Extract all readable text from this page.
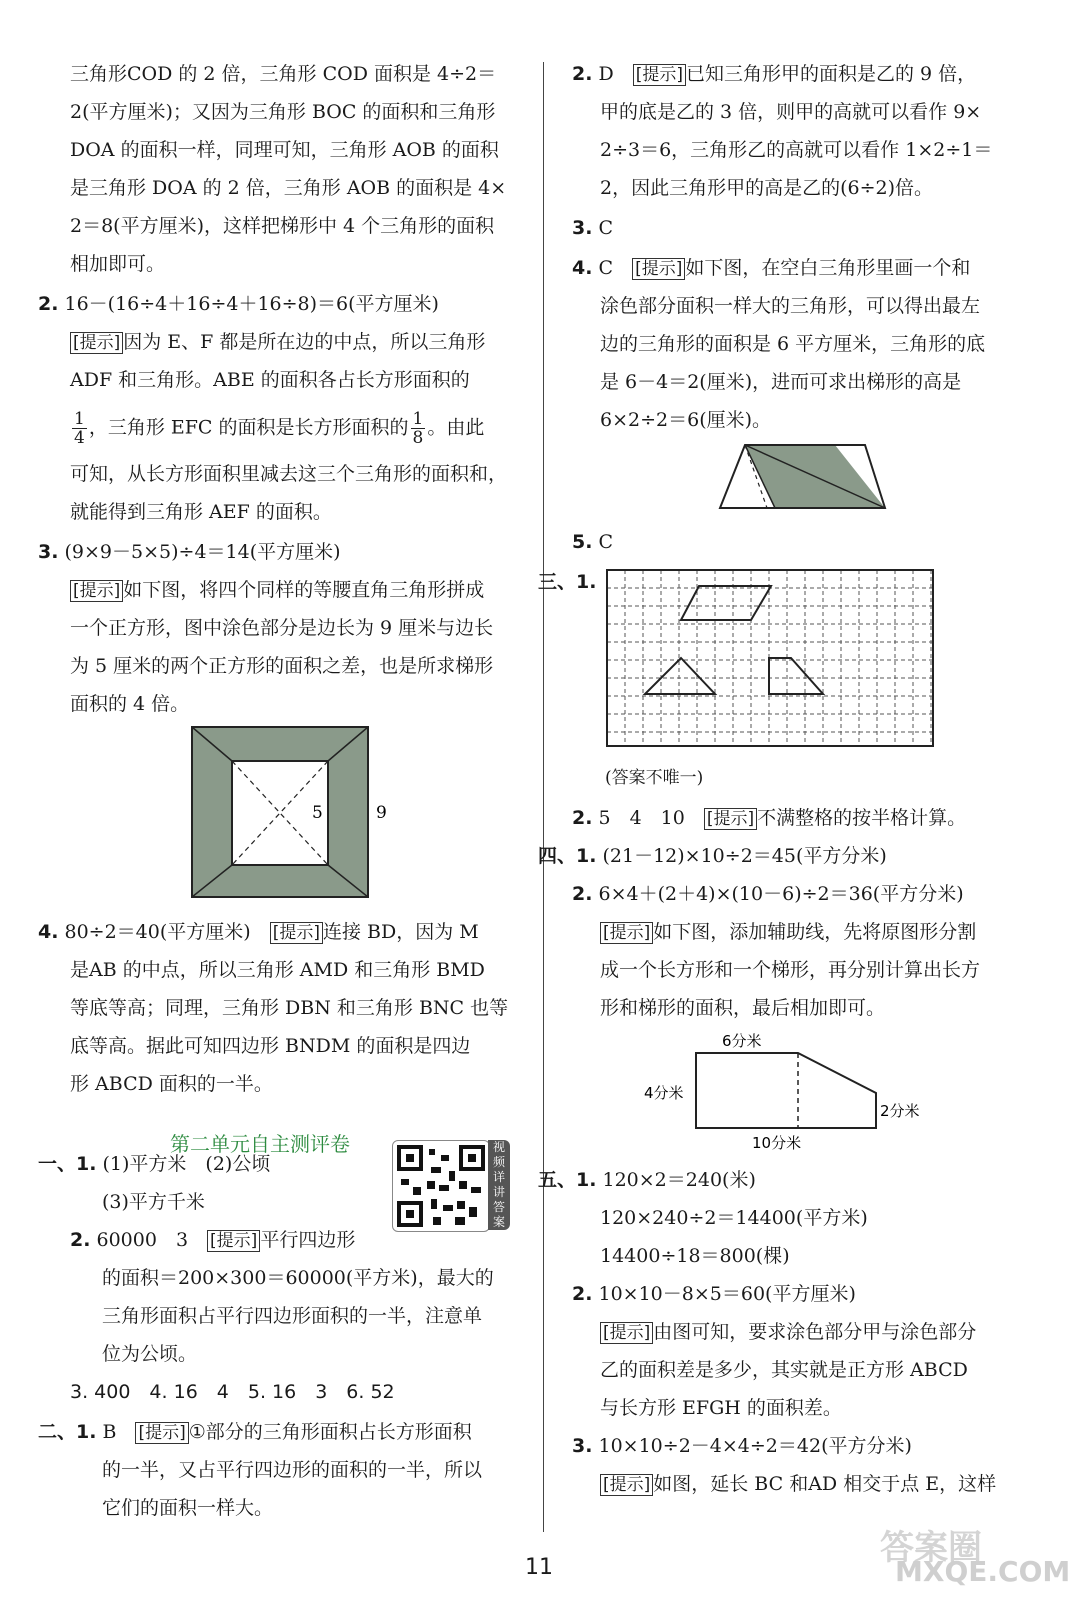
三角形COD 的 2 倍，三角形 COD 面积是 4÷2＝
2(平方厘米)；又因为三角形 BOC 的面积和三角形
DOA 的面积一样，同理可知，三角形 AOB 的面积
是三角形 DOA 的 2 倍，三角形 AOB 的面积是 4×
2＝8(平方厘米)，这样把梯形中 4 个三角形的面积
相加即可。
2. 16－(16÷4＋16÷4＋16÷8)＝6(平方厘米)
[提示] 因为 E、F 都是所在边的中点，所以三角形
ADF 和三角形。ABE 的面积各占长方形面积的
$\frac{1}{4}$ ，三角形 EFC 的面积是长方形面积的 $\frac{1}{8}$ 。由此
可知，从长方形面积里减去这三个三角形的面积和，
就能得到三角形 AEF 的面积。
3. (9×9－5×5)÷4＝14(平方厘米)
[提示] 如下图，将四个同样的等腰直角三角形拼成
一个正方形，图中涂色部分是边长为 9 厘米与边长
为 5 厘米的两个正方形的面积之差，也是所求梯形
面积的 4 倍。
5	9
4. 80÷2＝40(平方厘米)　 [提示] 连接 BD，因为 M
是AB 的中点，所以三角形 AMD 和三角形 BMD
等底等高；同理，三角形 DBN 和三角形 BNC 也等
底等高。据此可知四边形 BNDM 的面积是四边
形 ABCD 面积的一半。
第二单元自主测评卷
一、1. (1)平方米　(2)公顷
(3)平方千米
视频详讲答案
2. 60000　3　 [提示] 平行四边形
的面积＝200×300＝60000(平方米)，最大的
三角形面积占平行四边形面积的一半，注意单
位为公顷。
3. 400　4. 16　4　5. 16　3　6. 52
二、1. B　 [提示] ①部分的三角形面积占长方形面积
的一半，又占平行四边形的面积的一半，所以
它们的面积一样大。
2. D　 [提示] 已知三角形甲的面积是乙的 9 倍，
甲的底是乙的 3 倍，则甲的高就可以看作 9×
2÷3＝6，三角形乙的高就可以看作 1×2÷1＝
2，因此三角形甲的高是乙的(6÷2)倍。
3. C
4. C　 [提示] 如下图，在空白三角形里画一个和
涂色部分面积一样大的三角形，可以得出最左
边的三角形的面积是 6 平方厘米，三角形的底
是 6－4＝2(厘米)，进而可求出梯形的高是
6×2÷2＝6(厘米)。
5. C
三、1.
(答案不唯一)
2. 5　4　10　 [提示] 不满整格的按半格计算。
四、1. (21－12)×10÷2＝45(平方分米)
2. 6×4＋(2＋4)×(10－6)÷2＝36(平方分米)
[提示] 如下图，添加辅助线，先将原图形分割
成一个长方形和一个梯形，再分别计算出长方
形和梯形的面积，最后相加即可。
6分米
4分米
2分米
10分米
五、1. 120×2＝240(米)
120×240÷2＝14400(平方米)
14400÷18＝800(棵)
2. 10×10－8×5＝60(平方厘米)
[提示] 由图可知，要求涂色部分甲与涂色部分
乙的面积差是多少，其实就是正方形 ABCD
与长方形 EFGH 的面积差。
3. 10×10÷2－4×4÷2＝42(平方分米)
[提示] 如图，延长 BC 和AD 相交于点 E，这样
11	答案圈
MXQE.COM
